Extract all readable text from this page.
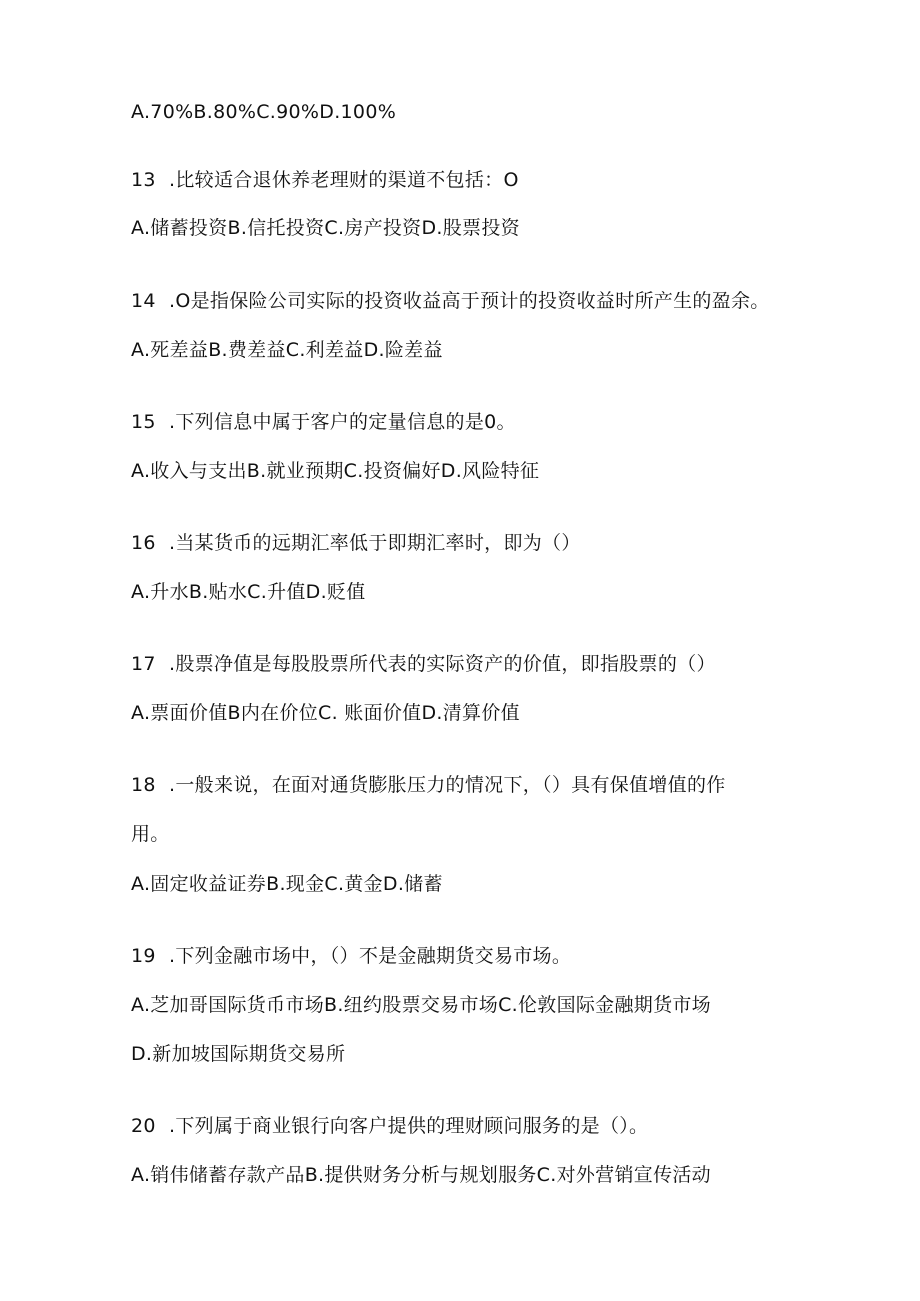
A.70%B.80%C.90%D.100%
13 .比较适合退休养老理财的渠道不包括：O
A.储蓄投资B.信托投资C.房产投资D.股票投资
14 .O是指保险公司实际的投资收益高于预计的投资收益时所产生的盈余。
A.死差益B.费差益C.利差益D.险差益
15 .下列信息中属于客户的定量信息的是0。
A.收入与支出B.就业预期C.投资偏好D.风险特征
16 .当某货币的远期汇率低于即期汇率时，即为（）
A.升水B.贴水C.升值D.贬值
17 .股票净值是每股股票所代表的实际资产的价值，即指股票的（）
A.票面价值B内在价位C. 账面价值D.清算价值
18 .一般来说，在面对通货膨胀压力的情况下，（）具有保值增值的作
用。
A.固定收益证券B.现金C.黄金D.储蓄
19 .下列金融市场中，（）不是金融期货交易市场。
A.芝加哥国际货币市场B.纽约股票交易市场C.伦敦国际金融期货市场
D.新加坡国际期货交易所
20 .下列属于商业银行向客户提供的理财顾问服务的是（）。
A.销伟储蓄存款产品B.提供财务分析与规划服务C.对外营销宣传活动
